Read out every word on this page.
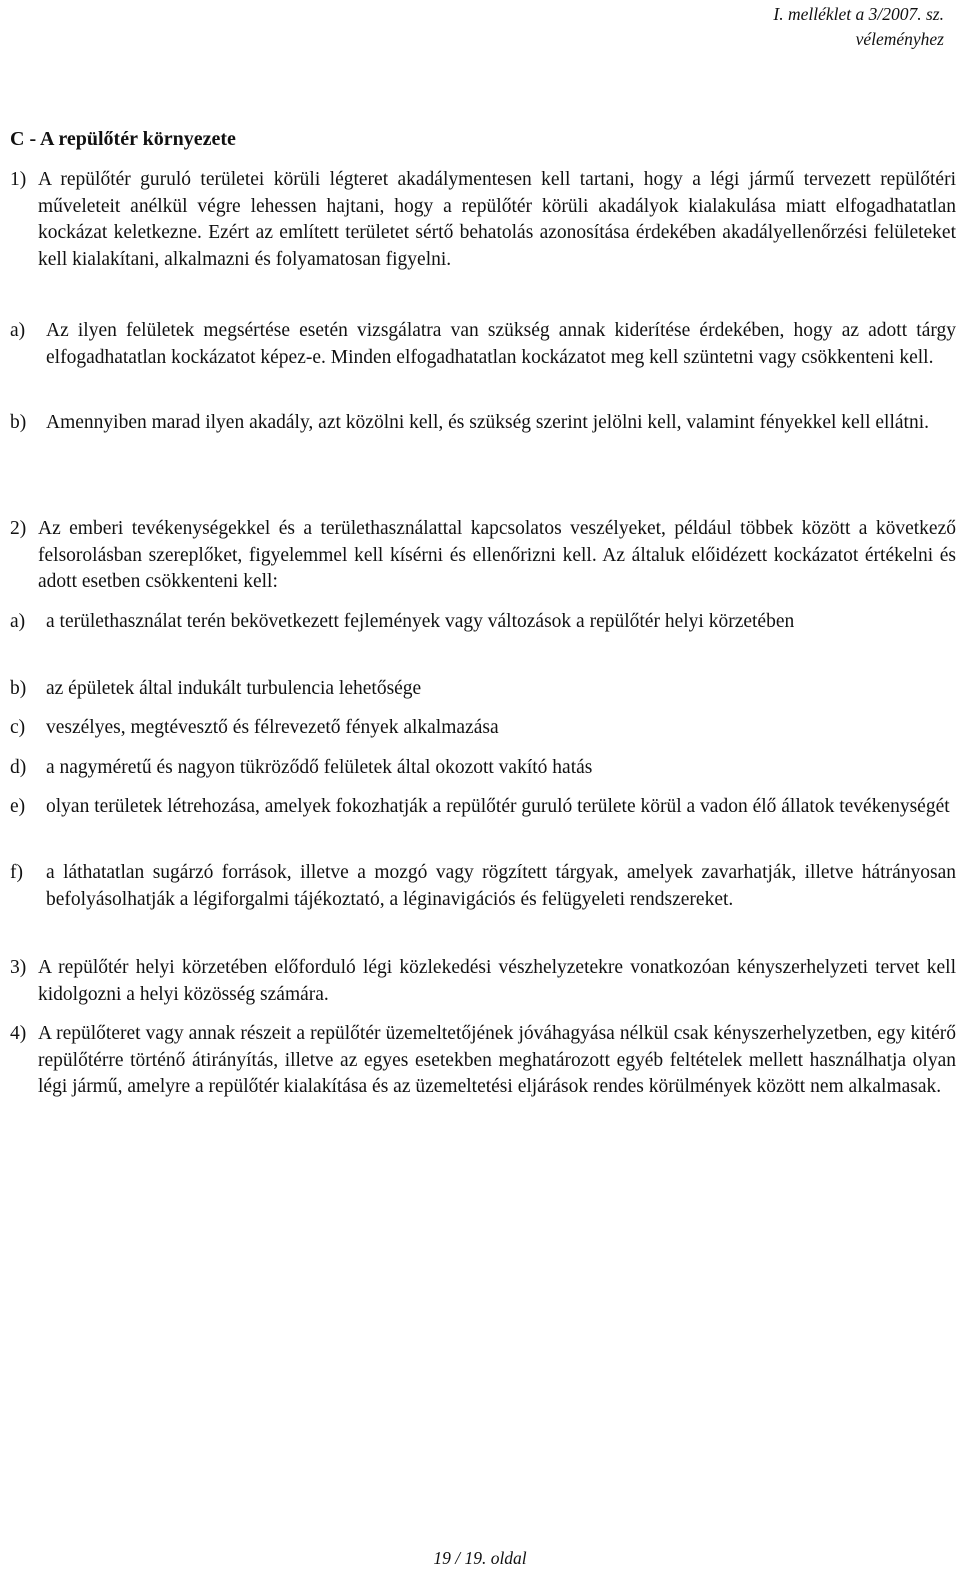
I. melléklet a 3/2007. sz.
véleményhez
C - A repülőtér környezete
1) A repülőtér guruló területei körüli légteret akadálymentesen kell tartani, hogy a légi jármű tervezett repülőtéri műveleteit anélkül végre lehessen hajtani, hogy a repülőtér körüli akadályok kialakulása miatt elfogadhatatlan kockázat keletkezne. Ezért az említett területet sértő behatolás azonosítása érdekében akadályellenőrzési felületeket kell kialakítani, alkalmazni és folyamatosan figyelni.
a)	Az ilyen felületek megsértése esetén vizsgálatra van szükség annak kiderítése érdekében, hogy az adott tárgy elfogadhatatlan kockázatot képez-e. Minden elfogadhatatlan kockázatot meg kell szüntetni vagy csökkenteni kell.
b)	Amennyiben marad ilyen akadály, azt közölni kell, és szükség szerint jelölni kell, valamint fényekkel kell ellátni.
2) Az emberi tevékenységekkel és a területhasználattal kapcsolatos veszélyeket, például többek között a következő felsorolásban szereplőket, figyelemmel kell kísérni és ellenőrizni kell. Az általuk előidézett kockázatot értékelni és adott esetben csökkenteni kell:
a)	a területhasználat terén bekövetkezett fejlemények vagy változások a repülőtér helyi körzetében
b)	az épületek által indukált turbulencia lehetősége
c)	veszélyes, megtévesztő és félrevezető fények alkalmazása
d)	a nagyméretű és nagyon tükröződő felületek által okozott vakító hatás
e)	olyan területek létrehozása, amelyek fokozhatják a repülőtér guruló területe körül a vadon élő állatok tevékenységét
f)	a láthatatlan sugárzó források, illetve a mozgó vagy rögzített tárgyak, amelyek zavarhatják, illetve hátrányosan befolyásolhatják a légiforgalmi tájékoztató, a léginavigációs és felügyeleti rendszereket.
3) A repülőtér helyi körzetében előforduló légi közlekedési vészhelyzetekre vonatkozóan kényszerhelyzeti tervet kell kidolgozni a helyi közösség számára.
4) A repülőteret vagy annak részeit a repülőtér üzemeltetőjének jóváhagyása nélkül csak kényszerhelyzetben, egy kitérő repülőtérre történő átirányítás, illetve az egyes esetekben meghatározott egyéb feltételek mellett használhatja olyan légi jármű, amelyre a repülőtér kialakítása és az üzemeltetési eljárások rendes körülmények között nem alkalmasak.
19 / 19. oldal
